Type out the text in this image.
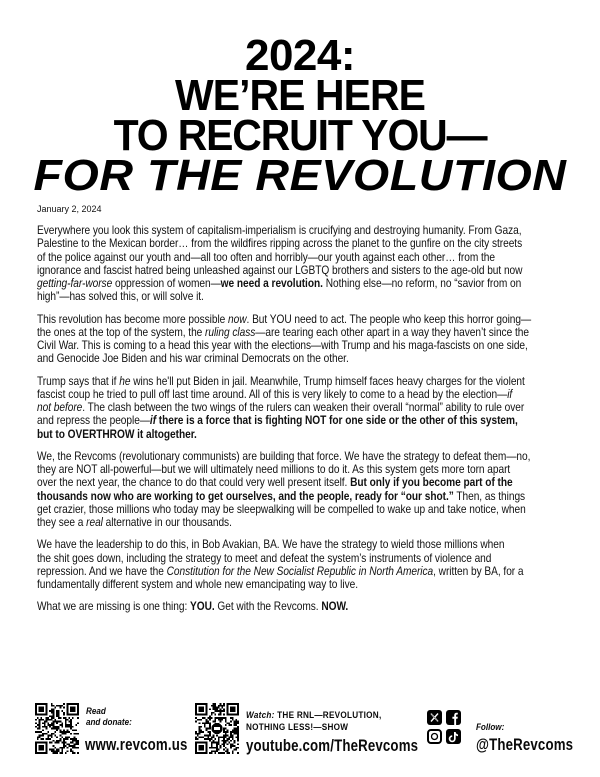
2024:
WE’RE HERE
TO RECRUIT YOU—
FOR THE REVOLUTION
January 2, 2024
Everywhere you look this system of capitalism-imperialism is crucifying and destroying humanity. From Gaza,
Palestine to the Mexican border… from the wildfires ripping across the planet to the gunfire on the city streets
of the police against our youth and—all too often and horribly—our youth against each other… from the
ignorance and fascist hatred being unleashed against our LGBTQ brothers and sisters to the age-old but now
getting-far-worse oppression of women—we need a revolution. Nothing else—no reform, no “savior from on
high”—has solved this, or will solve it.
This revolution has become more possible now. But YOU need to act. The people who keep this horror going—
the ones at the top of the system, the ruling class—are tearing each other apart in a way they haven’t since the
Civil War. This is coming to a head this year with the elections—with Trump and his maga-fascists on one side,
and Genocide Joe Biden and his war criminal Democrats on the other.
Trump says that if he wins he'll put Biden in jail. Meanwhile, Trump himself faces heavy charges for the violent
fascist coup he tried to pull off last time around. All of this is very likely to come to a head by the election—if
not before. The clash between the two wings of the rulers can weaken their overall “normal” ability to rule over
and repress the people—if there is a force that is fighting NOT for one side or the other of this system,
but to OVERTHROW it altogether.
We, the Revcoms (revolutionary communists) are building that force. We have the strategy to defeat them—no,
they are NOT all-powerful—but we will ultimately need millions to do it. As this system gets more torn apart
over the next year, the chance to do that could very well present itself. But only if you become part of the
thousands now who are working to get ourselves, and the people, ready for “our shot.” Then, as things
get crazier, those millions who today may be sleepwalking will be compelled to wake up and take notice, when
they see a real alternative in our thousands.
We have the leadership to do this, in Bob Avakian, BA. We have the strategy to wield those millions when
the shit goes down, including the strategy to meet and defeat the system’s instruments of violence and
repression. And we have the Constitution for the New Socialist Republic in North America, written by BA, for a
fundamentally different system and whole new emancipating way to live.
What we are missing is one thing: YOU. Get with the Revcoms. NOW.
Read
and donate:
www.revcom.us
Watch: THE RNL—REVOLUTION,
NOTHING LESS!—SHOW
youtube.com/TheRevcoms
Follow:
@TheRevcoms
